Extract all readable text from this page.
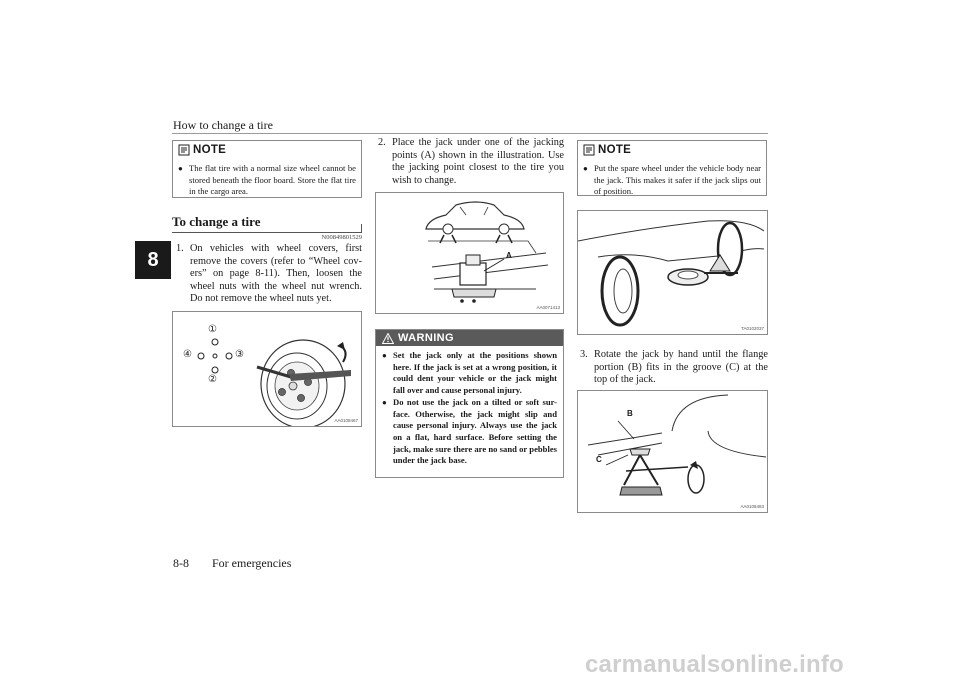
How to change a tire
8
NOTE
● The flat tire with a normal size wheel cannot be stored beneath the floor board. Store the flat tire in the cargo area.
To change a tire
N00849801529
1. On vehicles with wheel covers, first remove the covers (refer to “Wheel cov-ers” on page 8-11). Then, loosen the wheel nuts with the wheel nut wrench. Do not remove the wheel nuts yet.
①
②
③
④
AA0108467
2. Place the jack under one of the jacking points (A) shown in the illustration. Use the jacking point closest to the tire you wish to change.
A
AA0071413
WARNING
● Set the jack only at the positions shown here. If the jack is set at a wrong position, it could dent your vehicle or the jack might fall over and cause personal injury.
● Do not use the jack on a tilted or soft sur-face. Otherwise, the jack might slip and cause personal injury. Always use the jack on a flat, hard surface. Before setting the jack, make sure there are no sand or pebbles under the jack base.
NOTE
● Put the spare wheel under the vehicle body near the jack. This makes it safer if the jack slips out of position.
TA0102037
3. Rotate the jack by hand until the flange portion (B) fits in the groove (C) at the top of the jack.
B
C
AA0108483
8-8 For emergencies
carmanualsonline.info
